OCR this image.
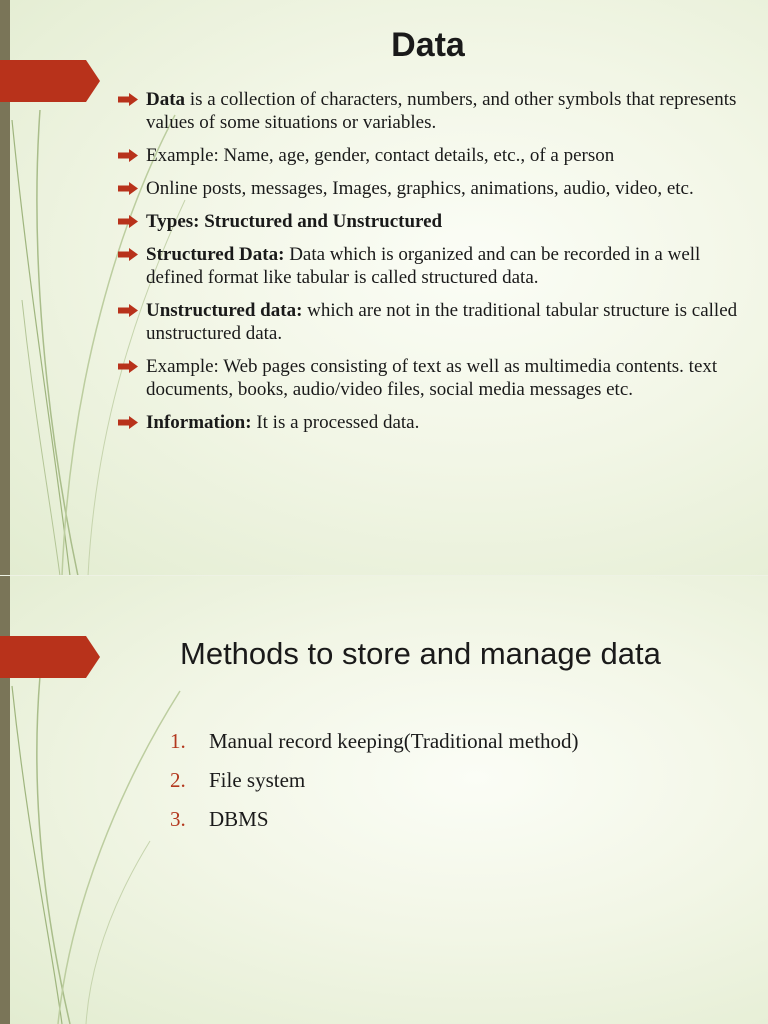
Data
Data is a collection of characters, numbers, and other symbols that represents values of some situations or variables.
Example: Name, age, gender, contact details, etc., of a person
Online posts, messages, Images, graphics, animations, audio, video, etc.
Types: Structured and Unstructured
Structured Data: Data which is organized and can be recorded in a well defined format like tabular is called structured data.
Unstructured data: which are not in the traditional tabular structure is called unstructured data.
Example: Web pages consisting of text as well as multimedia contents. text documents, books, audio/video files, social media messages etc.
Information: It is a processed data.
Methods to store and manage data
1. Manual record keeping(Traditional method)
2. File system
3. DBMS
